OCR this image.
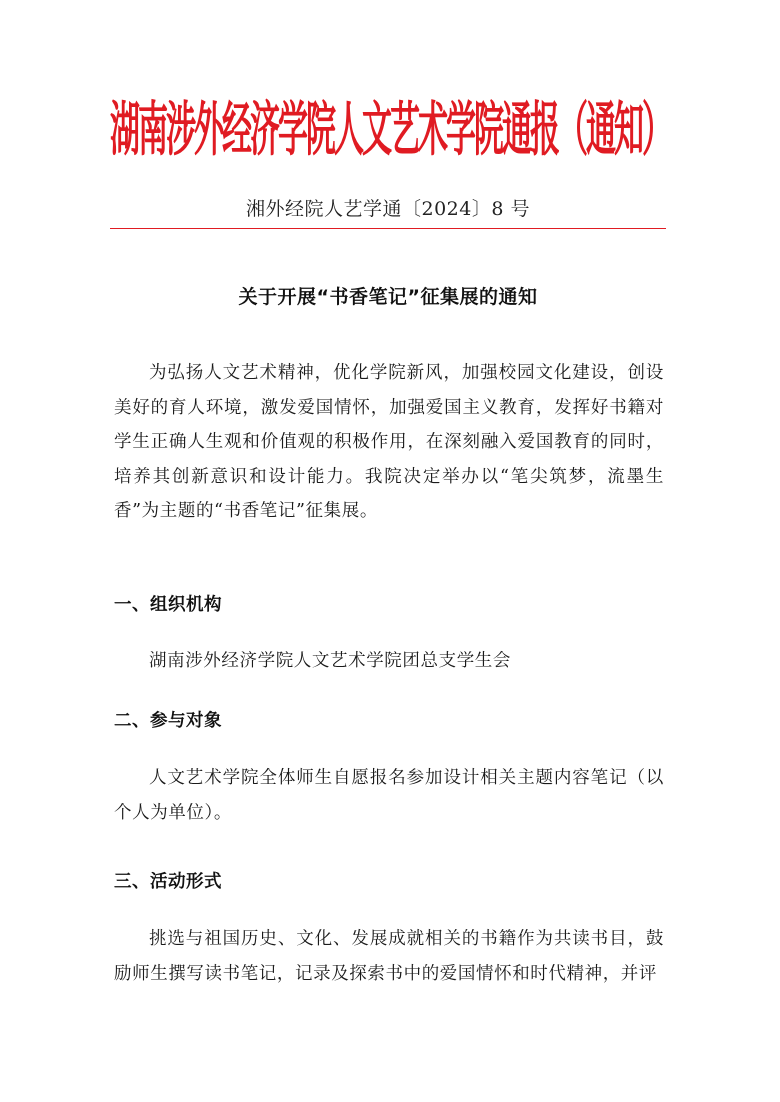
湖南涉外经济学院人文艺术学院通报（通知）
湘外经院人艺学通〔2024〕8 号
关于开展“书香笔记”征集展的通知

为弘扬人文艺术精神，优化学院新风，加强校园文化建设，创设美好的育人环境，激发爱国情怀，加强爱国主义教育，发挥好书籍对学生正确人生观和价值观的积极作用，在深刻融入爱国教育的同时，培养其创新意识和设计能力。我院决定举办以“笔尖筑梦，流墨生香”为主题的“书香笔记”征集展。

一、组织机构

湖南涉外经济学院人文艺术学院团总支学生会

二、参与对象

人文艺术学院全体师生自愿报名参加设计相关主题内容笔记（以个人为单位）。

三、活动形式

挑选与祖国历史、文化、发展成就相关的书籍作为共读书目，鼓励师生撰写读书笔记，记录及探索书中的爱国情怀和时代精神，并评
